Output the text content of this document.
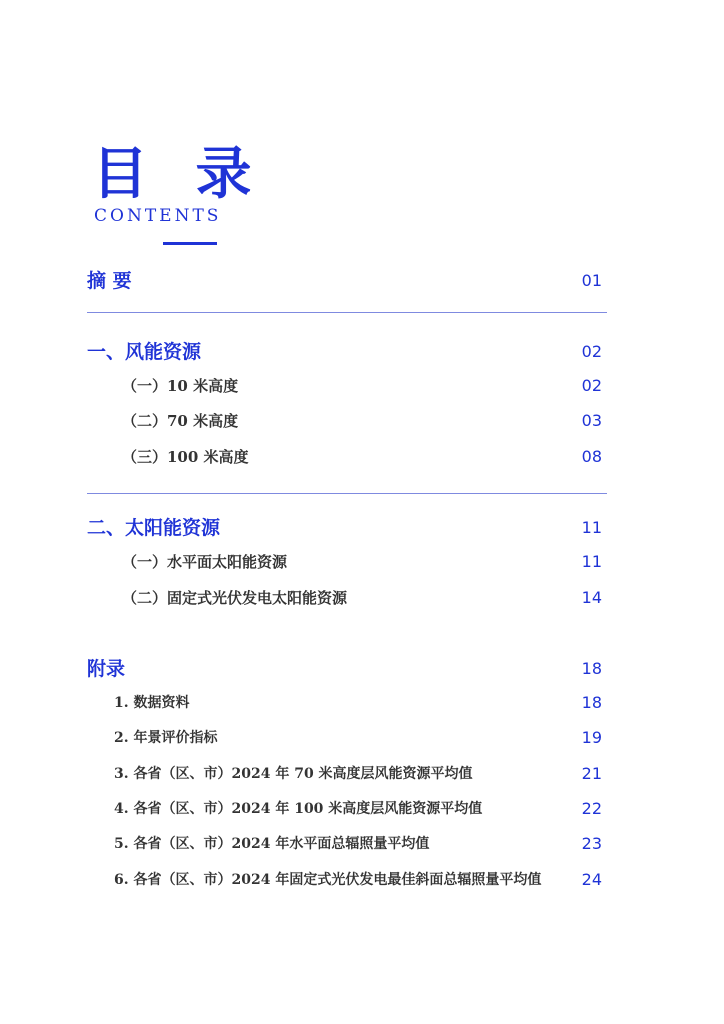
目 录
CONTENTS
摘 要	01
一、风能资源	02
（一）10 米高度	02
（二）70 米高度	03
（三）100 米高度	08
二、太阳能资源	11
（一）水平面太阳能资源	11
（二）固定式光伏发电太阳能资源	14
附录	18
1. 数据资料	18
2. 年景评价指标	19
3. 各省（区、市）2024 年 70 米高度层风能资源平均值	21
4. 各省（区、市）2024 年 100 米高度层风能资源平均值	22
5. 各省（区、市）2024 年水平面总辐照量平均值	23
6. 各省（区、市）2024 年固定式光伏发电最佳斜面总辐照量平均值	24
